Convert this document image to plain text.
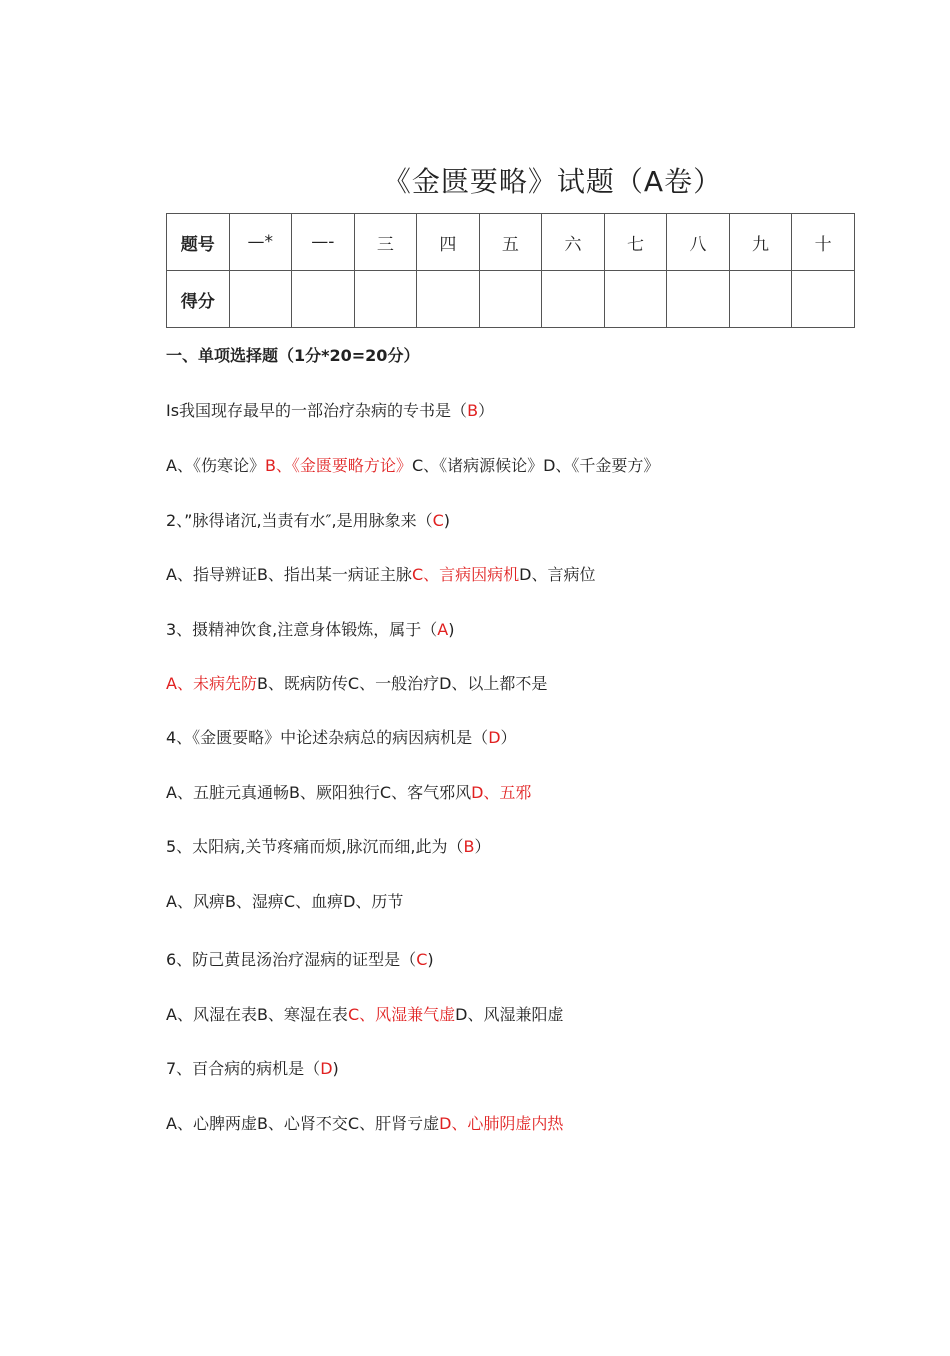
《金匮要略》试题（A卷）
题号	—*	—-	三	四	五	六	七	八	九	十
得分										
一、单项选择题（1分*20=20分）
Is我国现存最早的一部治疗杂病的专书是（B）
A、《伤寒论》B、《金匮要略方论》C、《诸病源候论》D、《千金要方》
2、”脉得诸沉,当责有水″,是用脉象来（C)
A、指导辨证B、指出某一病证主脉C、言病因病机D、言病位
3、摄精神饮食,注意身体锻炼，属于（A)
A、未病先防B、既病防传C、一般治疗D、以上都不是
4、《金匮要略》中论述杂病总的病因病机是（D）
A、五脏元真通畅B、厥阳独行C、客气邪风D、五邪
5、太阳病,关节疼痛而烦,脉沉而细,此为（B）
A、风痹B、湿痹C、血痹D、历节
6、防己黄昆汤治疗湿病的证型是（C)
A、风湿在表B、寒湿在表C、风湿兼气虚D、风湿兼阳虚
7、百合病的病机是（D)
A、心脾两虚B、心肾不交C、肝肾亏虚D、心肺阴虚内热
